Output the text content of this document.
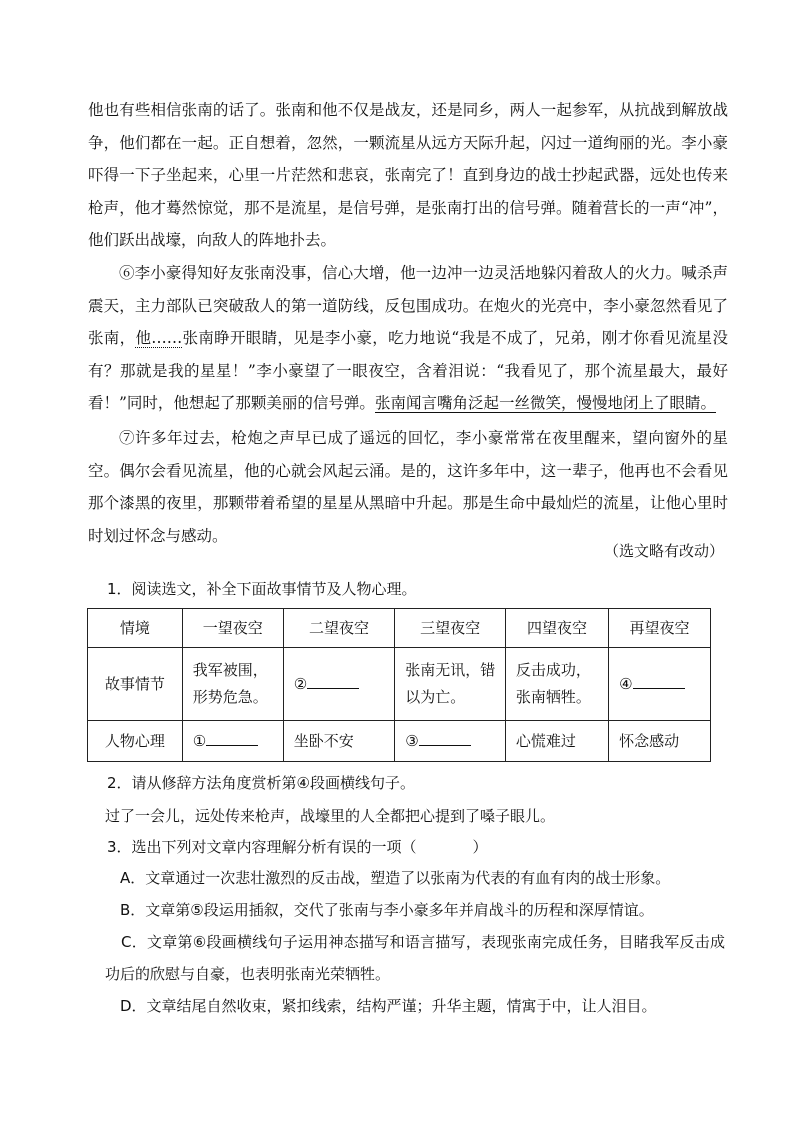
他也有些相信张南的话了。张南和他不仅是战友，还是同乡，两人一起参军，从抗战到解放战争，他们都在一起。正自想着，忽然，一颗流星从远方天际升起，闪过一道绚丽的光。李小豪吓得一下子坐起来，心里一片茫然和悲哀，张南完了！直到身边的战士抄起武器，远处也传来枪声，他才蓦然惊觉，那不是流星，是信号弹，是张南打出的信号弹。随着营长的一声“冲”，他们跃出战壕，向敌人的阵地扑去。

⑥李小豪得知好友张南没事，信心大增，他一边冲一边灵活地躲闪着敌人的火力。喊杀声震天，主力部队已突破敌人的第一道防线，反包围成功。在炮火的光亮中，李小豪忽然看见了张南，他……张南睁开眼睛，见是李小豪，吃力地说“我是不成了，兄弟，刚才你看见流星没有？那就是我的星星！”李小豪望了一眼夜空，含着泪说：“我看见了，那个流星最大，最好看！”同时，他想起了那颗美丽的信号弹。张南闻言嘴角泛起一丝微笑，慢慢地闭上了眼睛。

⑦许多年过去，枪炮之声早已成了遥远的回忆，李小豪常常在夜里醒来，望向窗外的星空。偶尔会看见流星，他的心就会风起云涌。是的，这许多年中，这一辈子，他再也不会看见那个漆黑的夜里，那颗带着希望的星星从黑暗中升起。那是生命中最灿烂的流星，让他心里时时划过怀念与感动。

（选文略有改动）
1．阅读选文，补全下面故事情节及人物心理。
情境	一望夜空	二望夜空	三望夜空	四望夜空	再望夜空
故事情节	我军被围，形势危急。	②	张南无讯，错以为亡。	反击成功，张南牺牲。	④
人物心理	①	坐卧不安	③	心慌难过	怀念感动
2．请从修辞方法角度赏析第④段画横线句子。
过了一会儿，远处传来枪声，战壕里的人全都把心提到了嗓子眼儿。
3．选出下列对文章内容理解分析有误的一项（	）
A．文章通过一次悲壮激烈的反击战，塑造了以张南为代表的有血有肉的战士形象。
B．文章第⑤段运用插叙，交代了张南与李小豪多年并肩战斗的历程和深厚情谊。
C．文章第⑥段画横线句子运用神态描写和语言描写，表现张南完成任务，目睹我军反击成功后的欣慰与自豪，也表明张南光荣牺牲。
D．文章结尾自然收束，紧扣线索，结构严谨；升华主题，情寓于中，让人泪目。
